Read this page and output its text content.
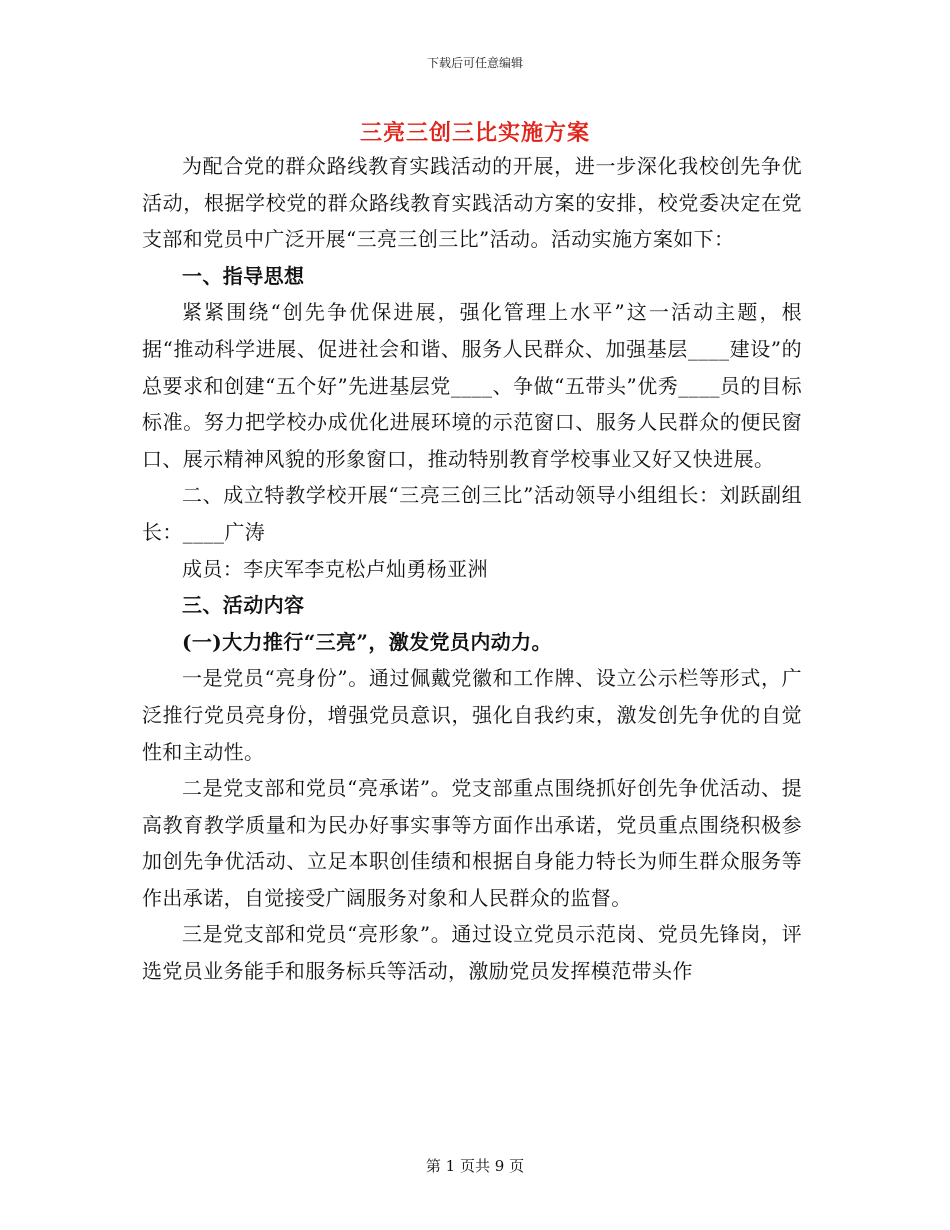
下载后可任意编辑
三亮三创三比实施方案

为配合党的群众路线教育实践活动的开展，进一步深化我校创先争优活动，根据学校党的群众路线教育实践活动方案的安排，校党委决定在党支部和党员中广泛开展“三亮三创三比”活动。活动实施方案如下：

一、指导思想

紧紧围绕“创先争优保进展，强化管理上水平”这一活动主题，根据“推动科学进展、促进社会和谐、服务人民群众、加强基层____建设”的总要求和创建“五个好”先进基层党____、争做“五带头”优秀____员的目标标准。努力把学校办成优化进展环境的示范窗口、服务人民群众的便民窗口、展示精神风貌的形象窗口，推动特别教育学校事业又好又快进展。

二、成立特教学校开展“三亮三创三比”活动领导小组组长：刘跃副组长：____广涛

成员：李庆军李克松卢灿勇杨亚洲

三、活动内容

(一)大力推行“三亮”，激发党员内动力。

一是党员“亮身份”。通过佩戴党徽和工作牌、设立公示栏等形式，广泛推行党员亮身份，增强党员意识，强化自我约束，激发创先争优的自觉性和主动性。

二是党支部和党员“亮承诺”。党支部重点围绕抓好创先争优活动、提高教育教学质量和为民办好事实事等方面作出承诺，党员重点围绕积极参加创先争优活动、立足本职创佳绩和根据自身能力特长为师生群众服务等作出承诺，自觉接受广阔服务对象和人民群众的监督。

三是党支部和党员“亮形象”。通过设立党员示范岗、党员先锋岗，评选党员业务能手和服务标兵等活动，激励党员发挥模范带头作

第 1 页共 9 页
